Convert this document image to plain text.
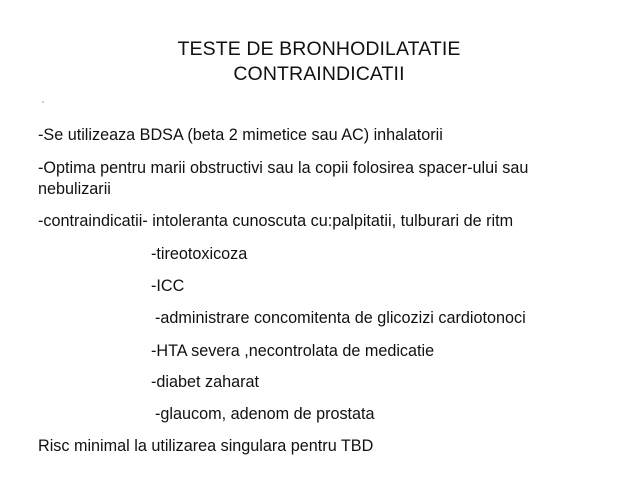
TESTE DE BRONHODILATATIE
CONTRAINDICATII
-Se utilizeaza BDSA (beta 2 mimetice sau AC) inhalatorii
-Optima pentru marii obstructivi sau la copii folosirea spacer-ului sau
nebulizarii
-contraindicatii- intoleranta cunoscuta cu:palpitatii, tulburari de ritm
-tireotoxicoza
-ICC
-administrare concomitenta de glicozizi cardiotonoci
-HTA severa ,necontrolata de medicatie
-diabet zaharat
-glaucom, adenom de prostata
Risc minimal la utilizarea singulara pentru TBD
